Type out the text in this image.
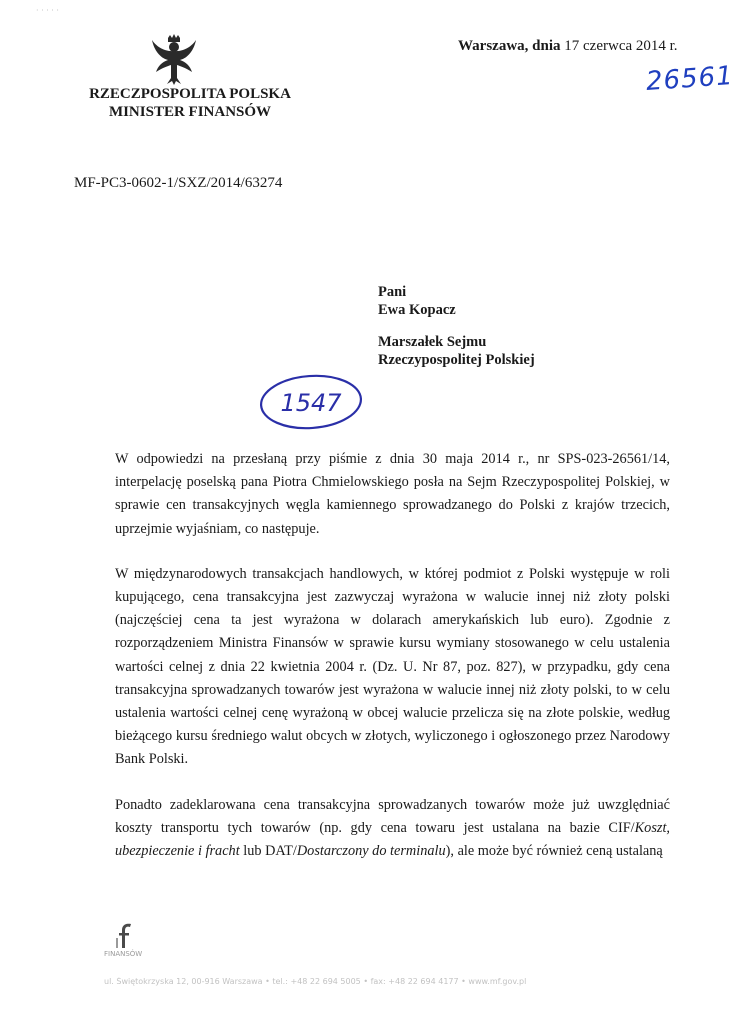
· · · · ·
RZECZPOSPOLITA POLSKA
MINISTER FINANSÓW
Warszawa, dnia 17 czerwca 2014 r.
26561
MF-PC3-0602-1/SXZ/2014/63274
Pani
Ewa Kopacz
Marszałek Sejmu
Rzeczypospolitej Polskiej
1547

W odpowiedzi na przesłaną przy piśmie z dnia 30 maja 2014 r., nr SPS-023-26561/14, interpelację poselską pana Piotra Chmielowskiego posła na Sejm Rzeczypospolitej Polskiej, w sprawie cen transakcyjnych węgla kamiennego sprowadzanego do Polski z krajów trzecich, uprzejmie wyjaśniam, co następuje.

W międzynarodowych transakcjach handlowych, w której podmiot z Polski występuje w roli kupującego, cena transakcyjna jest zazwyczaj wyrażona w walucie innej niż złoty polski (najczęściej cena ta jest wyrażona w dolarach amerykańskich lub euro). Zgodnie z rozporządzeniem Ministra Finansów w sprawie kursu wymiany stosowanego w celu ustalenia wartości celnej z dnia 22 kwietnia 2004 r. (Dz. U. Nr 87, poz. 827), w przypadku, gdy cena transakcyjna sprowadzanych towarów jest wyrażona w walucie innej niż złoty polski, to w celu ustalenia wartości celnej cenę wyrażoną w obcej walucie przelicza się na złote polskie, według bieżącego kursu średniego walut obcych w złotych, wyliczonego i ogłoszonego przez Narodowy Bank Polski.

Ponadto zadeklarowana cena transakcyjna sprowadzanych towarów może już uwzględniać koszty transportu tych towarów (np. gdy cena towaru jest ustalana na bazie CIF/Koszt, ubezpieczenie i fracht lub DAT/Dostarczony do terminalu), ale może być również ceną ustalaną

FINANSÓW
ul. Świętokrzyska 12, 00-916 Warszawa • tel.: +48 22 694 5005 • fax: +48 22 694 4177 • www.mf.gov.pl
